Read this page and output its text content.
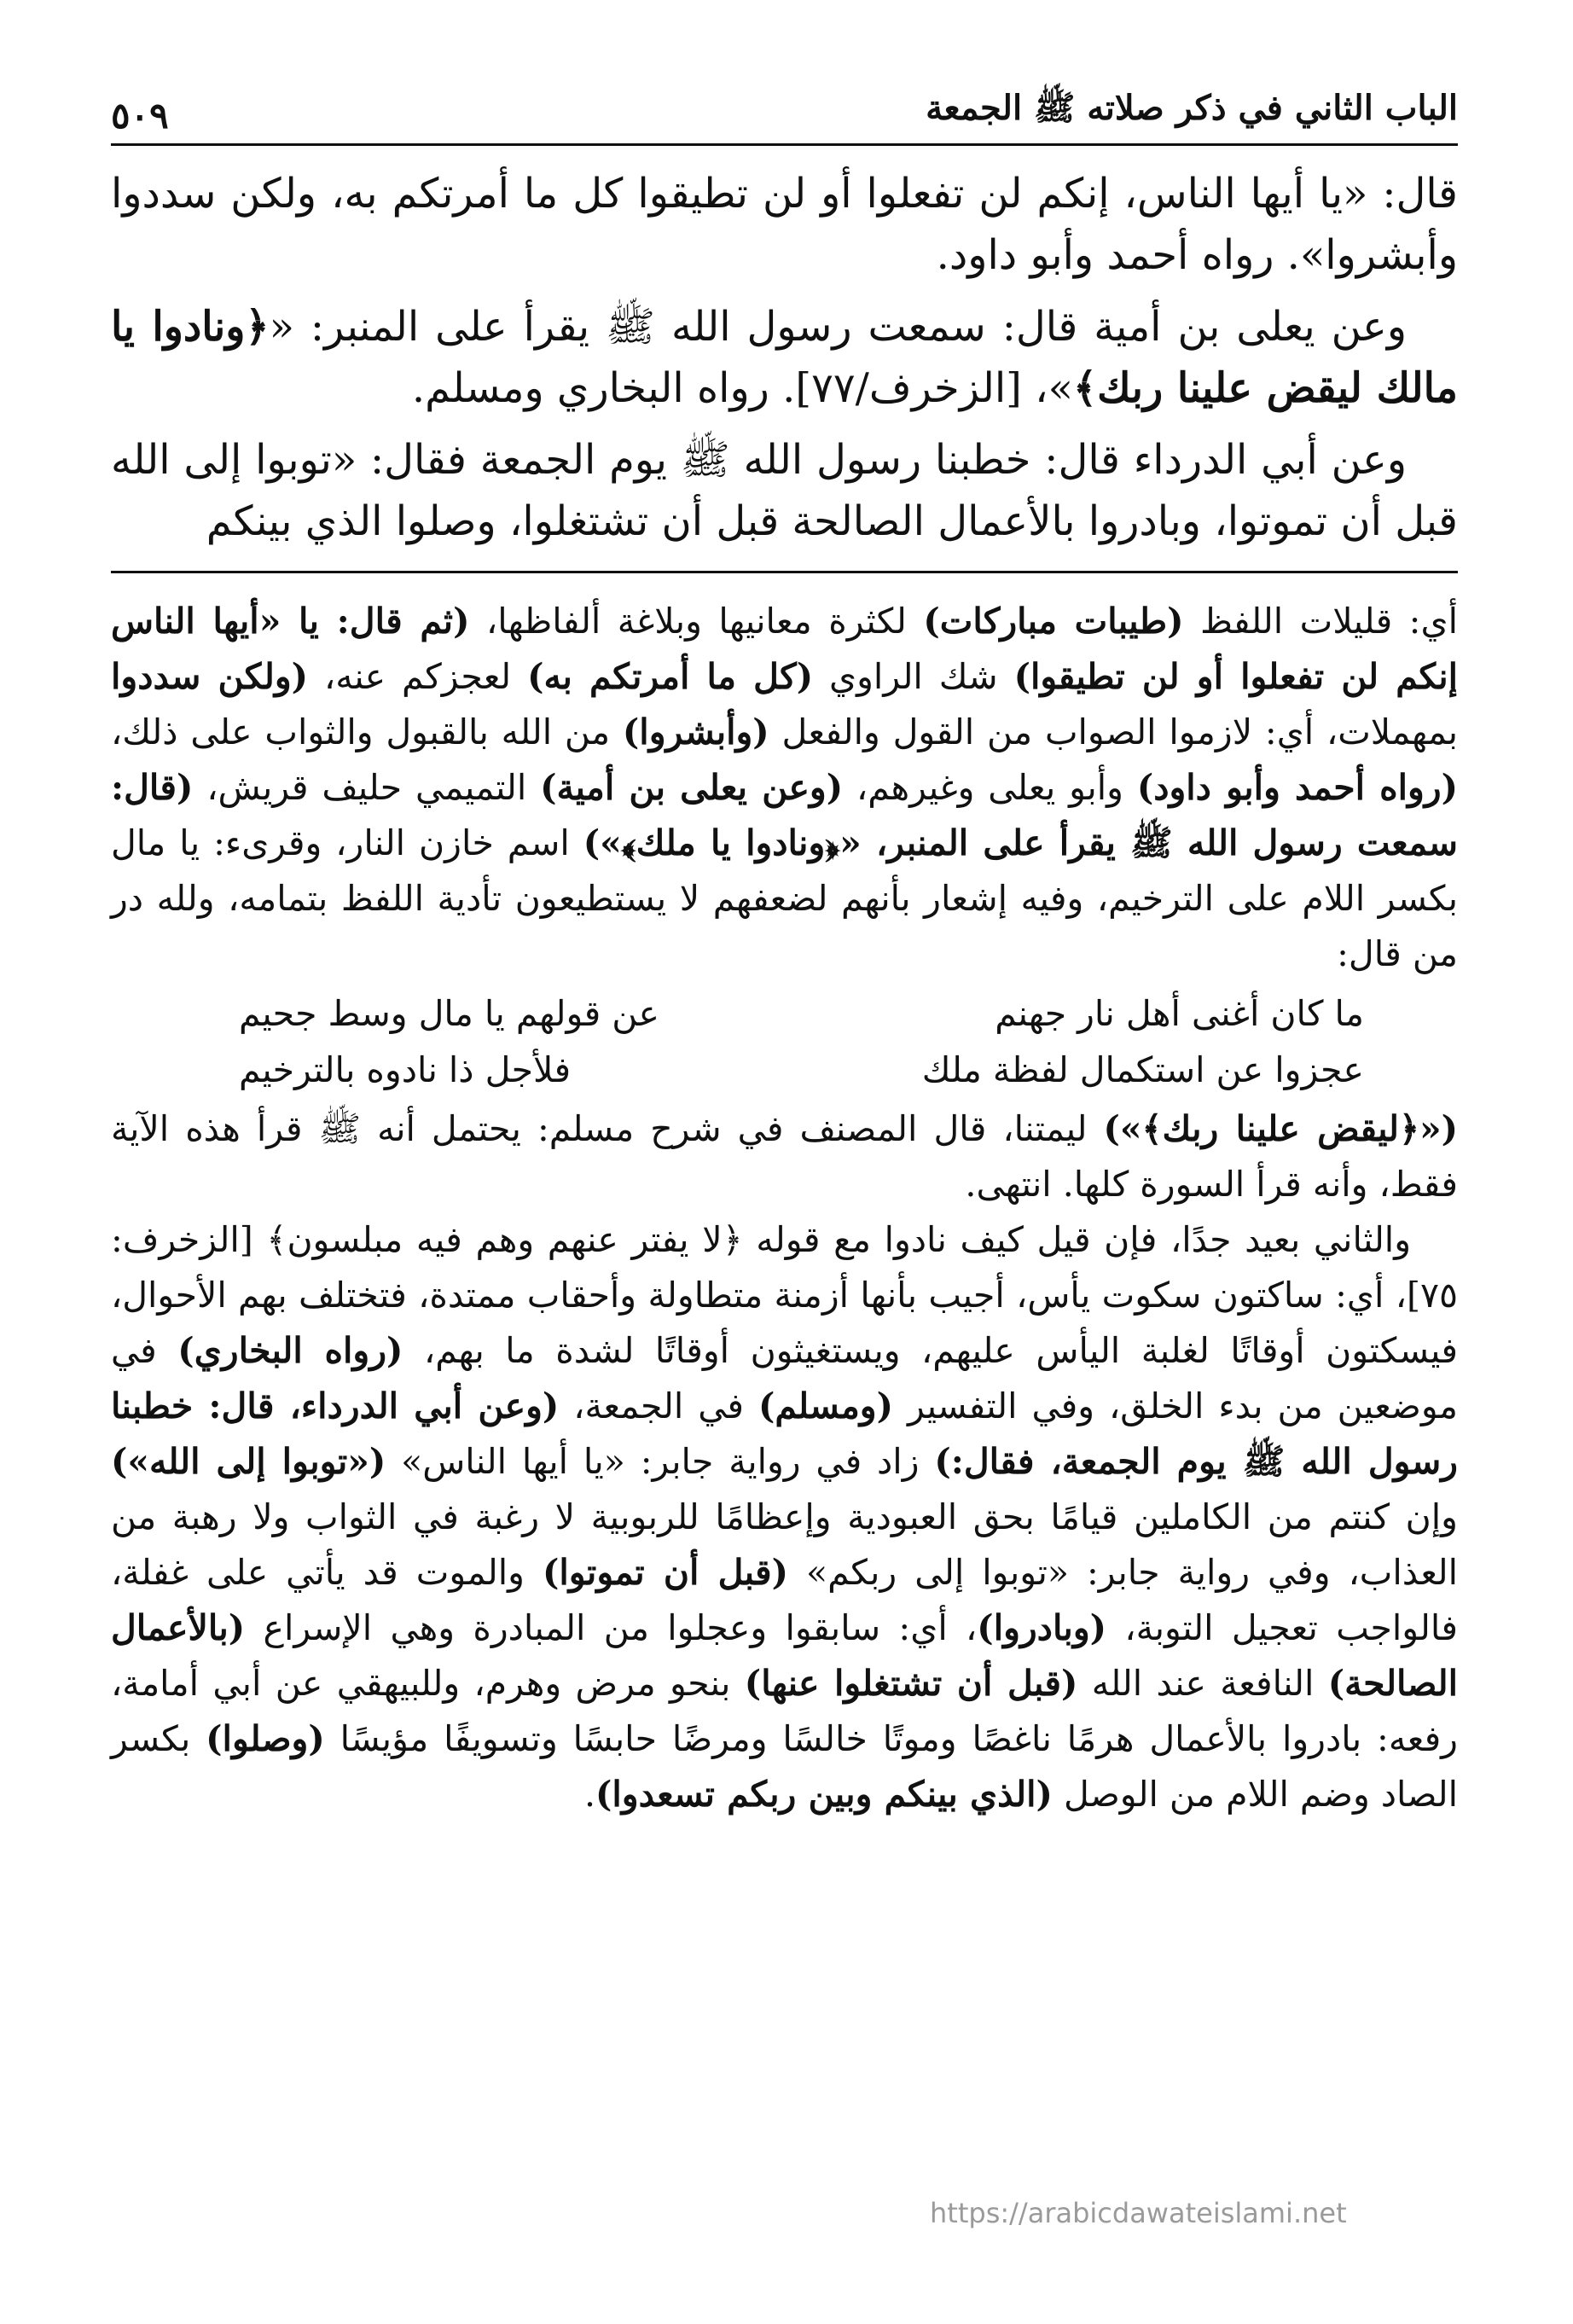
الباب الثاني في ذكر صلاته ﷺ الجمعة
٥٠٩

قال: «يا أيها الناس، إنكم لن تفعلوا أو لن تطيقوا كل ما أمرتكم به، ولكن سددوا وأبشروا». رواه أحمد وأبو داود.

وعن يعلى بن أمية قال: سمعت رسول الله ﷺ يقرأ على المنبر: «﴿ونادوا يا مالك ليقض علينا ربك﴾»، [الزخرف/٧٧]. رواه البخاري ومسلم.

وعن أبي الدرداء قال: خطبنا رسول الله ﷺ يوم الجمعة فقال: «توبوا إلى الله قبل أن تموتوا، وبادروا بالأعمال الصالحة قبل أن تشتغلوا، وصلوا الذي بينكم

أي: قليلات اللفظ (طيبات مباركات) لكثرة معانيها وبلاغة ألفاظها، (ثم قال: يا «أيها الناس إنكم لن تفعلوا أو لن تطيقوا) شك الراوي (كل ما أمرتكم به) لعجزكم عنه، (ولكن سددوا بمهملات، أي: لازموا الصواب من القول والفعل (وأبشروا) من الله بالقبول والثواب على ذلك، (رواه أحمد وأبو داود) وأبو يعلى وغيرهم، (وعن يعلى بن أمية) التميمي حليف قريش، (قال: سمعت رسول الله ﷺ يقرأ على المنبر، «﴿ونادوا يا ملك﴾») اسم خازن النار، وقرىء: يا مال بكسر اللام على الترخيم، وفيه إشعار بأنهم لضعفهم لا يستطيعون تأدية اللفظ بتمامه، ولله در من قال:

ما كان أغنى أهل نار جهنم
عن قولهم يا مال وسط جحيم
عجزوا عن استكمال لفظة ملك
فلأجل ذا نادوه بالترخيم

(«﴿ليقض علينا ربك﴾») ليمتنا، قال المصنف في شرح مسلم: يحتمل أنه ﷺ قرأ هذه الآية فقط، وأنه قرأ السورة كلها. انتهى.

والثاني بعيد جدًا، فإن قيل كيف نادوا مع قوله ﴿لا يفتر عنهم وهم فيه مبلسون﴾ [الزخرف: ٧٥]، أي: ساكتون سكوت يأس، أجيب بأنها أزمنة متطاولة وأحقاب ممتدة، فتختلف بهم الأحوال، فيسكتون أوقاتًا لغلبة اليأس عليهم، ويستغيثون أوقاتًا لشدة ما بهم، (رواه البخاري) في موضعين من بدء الخلق، وفي التفسير (ومسلم) في الجمعة، (وعن أبي الدرداء، قال: خطبنا رسول الله ﷺ يوم الجمعة، فقال:) زاد في رواية جابر: «يا أيها الناس» («توبوا إلى الله») وإن كنتم من الكاملين قيامًا بحق العبودية وإعظامًا للربوبية لا رغبة في الثواب ولا رهبة من العذاب، وفي رواية جابر: «توبوا إلى ربكم» (قبل أن تموتوا) والموت قد يأتي على غفلة، فالواجب تعجيل التوبة، (وبادروا)، أي: سابقوا وعجلوا من المبادرة وهي الإسراع (بالأعمال الصالحة) النافعة عند الله (قبل أن تشتغلوا عنها) بنحو مرض وهرم، وللبيهقي عن أبي أمامة، رفعه: بادروا بالأعمال هرمًا ناغصًا وموتًا خالسًا ومرضًا حابسًا وتسويفًا مؤيسًا (وصلوا) بكسر الصاد وضم اللام من الوصل (الذي بينكم وبين ربكم تسعدوا).

https://arabicdawateislami.net
